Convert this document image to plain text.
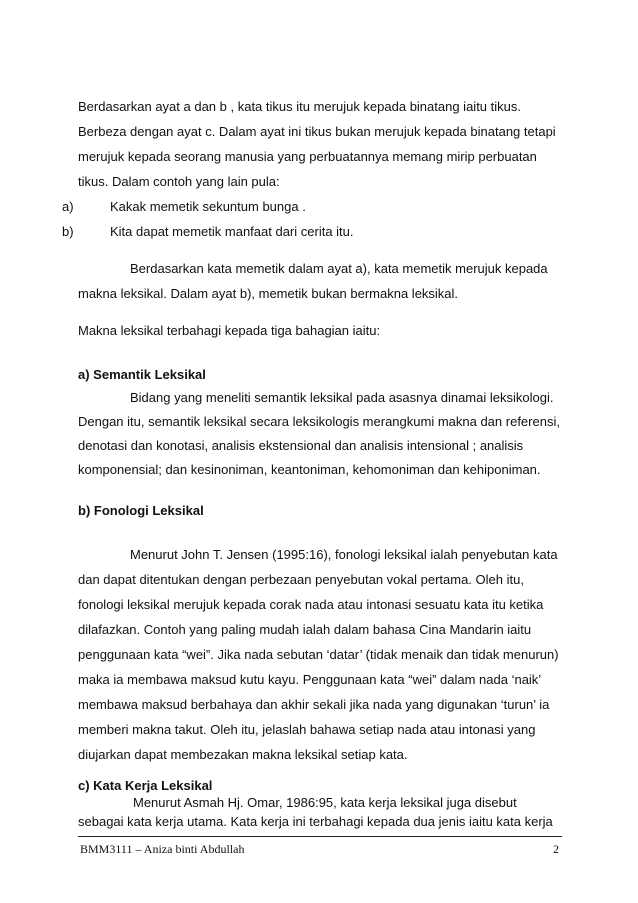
Berdasarkan ayat a dan b , kata tikus itu merujuk kepada binatang iaitu tikus.
Berbeza dengan ayat c. Dalam ayat ini tikus bukan merujuk kepada binatang tetapi
merujuk kepada seorang manusia yang perbuatannya memang mirip perbuatan
tikus. Dalam contoh yang lain pula:
a)	Kakak memetik sekuntum bunga .
b)	Kita dapat memetik manfaat dari cerita itu.
Berdasarkan kata memetik dalam ayat a), kata memetik merujuk kepada
makna leksikal. Dalam ayat b), memetik bukan bermakna leksikal.
Makna leksikal terbahagi kepada tiga bahagian iaitu:
a) Semantik Leksikal
Bidang yang meneliti semantik leksikal pada asasnya dinamai leksikologi.
Dengan itu, semantik leksikal secara leksikologis merangkumi makna dan referensi,
denotasi dan konotasi, analisis ekstensional dan analisis intensional ; analisis
komponensial; dan kesinoniman, keantoniman, kehomoniman dan kehiponiman.
b) Fonologi Leksikal
Menurut John T. Jensen (1995:16), fonologi leksikal ialah penyebutan kata
dan dapat ditentukan dengan perbezaan penyebutan vokal pertama. Oleh itu,
fonologi leksikal merujuk kepada corak nada atau intonasi sesuatu kata itu ketika
dilafazkan. Contoh yang paling mudah ialah dalam bahasa Cina Mandarin iaitu
penggunaan kata “wei”. Jika nada sebutan ‘datar’ (tidak menaik dan tidak menurun)
maka ia membawa maksud kutu kayu. Penggunaan kata “wei” dalam nada ‘naik’
membawa maksud berbahaya dan akhir sekali jika nada yang digunakan ‘turun’ ia
memberi makna takut. Oleh itu, jelaslah bahawa setiap nada atau intonasi yang
diujarkan dapat membezakan makna leksikal setiap kata.
c) Kata Kerja Leksikal
Menurut Asmah Hj. Omar, 1986:95, kata kerja leksikal juga disebut
sebagai kata kerja utama. Kata kerja ini terbahagi kepada dua jenis iaitu kata kerja
BMM3111 – Aniza binti Abdullah	2
